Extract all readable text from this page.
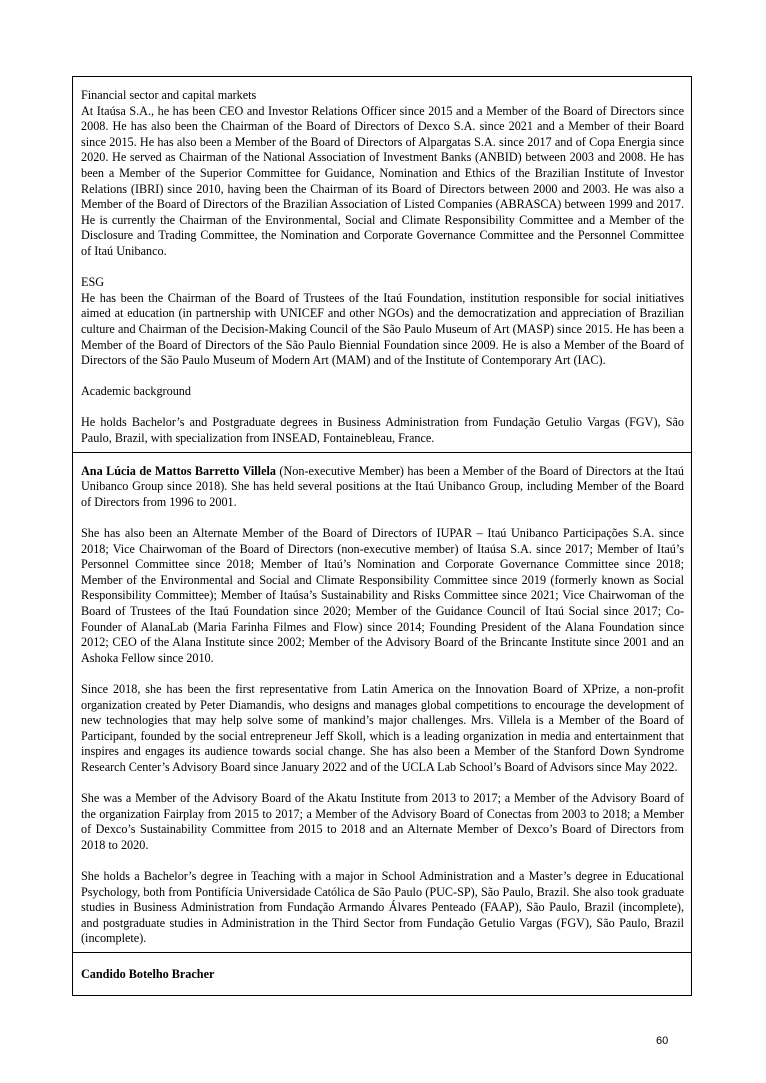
Financial sector and capital markets

At Itaúsa S.A., he has been CEO and Investor Relations Officer since 2015 and a Member of the Board of Directors since 2008. He has also been the Chairman of the Board of Directors of Dexco S.A. since 2021 and a Member of their Board since 2015. He has also been a Member of the Board of Directors of Alpargatas S.A. since 2017 and of Copa Energia since 2020. He served as Chairman of the National Association of Investment Banks (ANBID) between 2003 and 2008. He has been a Member of the Superior Committee for Guidance, Nomination and Ethics of the Brazilian Institute of Investor Relations (IBRI) since 2010, having been the Chairman of its Board of Directors between 2000 and 2003. He was also a Member of the Board of Directors of the Brazilian Association of Listed Companies (ABRASCA) between 1999 and 2017. He is currently the Chairman of the Environmental, Social and Climate Responsibility Committee and a Member of the Disclosure and Trading Committee, the Nomination and Corporate Governance Committee and the Personnel Committee of Itaú Unibanco.

ESG

He has been the Chairman of the Board of Trustees of the Itaú Foundation, institution responsible for social initiatives aimed at education (in partnership with UNICEF and other NGOs) and the democratization and appreciation of Brazilian culture and Chairman of the Decision-Making Council of the São Paulo Museum of Art (MASP) since 2015. He has been a Member of the Board of Directors of the São Paulo Biennial Foundation since 2009. He is also a Member of the Board of Directors of the São Paulo Museum of Modern Art (MAM) and of the Institute of Contemporary Art (IAC).

Academic background

He holds Bachelor’s and Postgraduate degrees in Business Administration from Fundação Getulio Vargas (FGV), São Paulo, Brazil, with specialization from INSEAD, Fontainebleau, France.

Ana Lúcia de Mattos Barretto Villela (Non-executive Member) has been a Member of the Board of Directors at the Itaú Unibanco Group since 2018). She has held several positions at the Itaú Unibanco Group, including Member of the Board of Directors from 1996 to 2001.

She has also been an Alternate Member of the Board of Directors of IUPAR – Itaú Unibanco Participações S.A. since 2018; Vice Chairwoman of the Board of Directors (non-executive member) of Itaúsa S.A. since 2017; Member of Itaú’s Personnel Committee since 2018; Member of Itaú’s Nomination and Corporate Governance Committee since 2018; Member of the Environmental and Social and Climate Responsibility Committee since 2019 (formerly known as Social Responsibility Committee); Member of Itaúsa’s Sustainability and Risks Committee since 2021; Vice Chairwoman of the Board of Trustees of the Itaú Foundation since 2020; Member of the Guidance Council of Itaú Social since 2017; Co-Founder of AlanaLab (Maria Farinha Filmes and Flow) since 2014; Founding President of the Alana Foundation since 2012; CEO of the Alana Institute since 2002; Member of the Advisory Board of the Brincante Institute since 2001 and an Ashoka Fellow since 2010.

Since 2018, she has been the first representative from Latin America on the Innovation Board of XPrize, a non-profit organization created by Peter Diamandis, who designs and manages global competitions to encourage the development of new technologies that may help solve some of mankind’s major challenges. Mrs. Villela is a Member of the Board of Participant, founded by the social entrepreneur Jeff Skoll, which is a leading organization in media and entertainment that inspires and engages its audience towards social change. She has also been a Member of the Stanford Down Syndrome Research Center’s Advisory Board since January 2022 and of the UCLA Lab School’s Board of Advisors since May 2022.

She was a Member of the Advisory Board of the Akatu Institute from 2013 to 2017; a Member of the Advisory Board of the organization Fairplay from 2015 to 2017; a Member of the Advisory Board of Conectas from 2003 to 2018; a Member of Dexco’s Sustainability Committee from 2015 to 2018 and an Alternate Member of Dexco’s Board of Directors from 2018 to 2020.

She holds a Bachelor’s degree in Teaching with a major in School Administration and a Master’s degree in Educational Psychology, both from Pontifícia Universidade Católica de São Paulo (PUC-SP), São Paulo, Brazil. She also took graduate studies in Business Administration from Fundação Armando Álvares Penteado (FAAP), São Paulo, Brazil (incomplete), and postgraduate studies in Administration in the Third Sector from Fundação Getulio Vargas (FGV), São Paulo, Brazil (incomplete).

Candido Botelho Bracher

60
